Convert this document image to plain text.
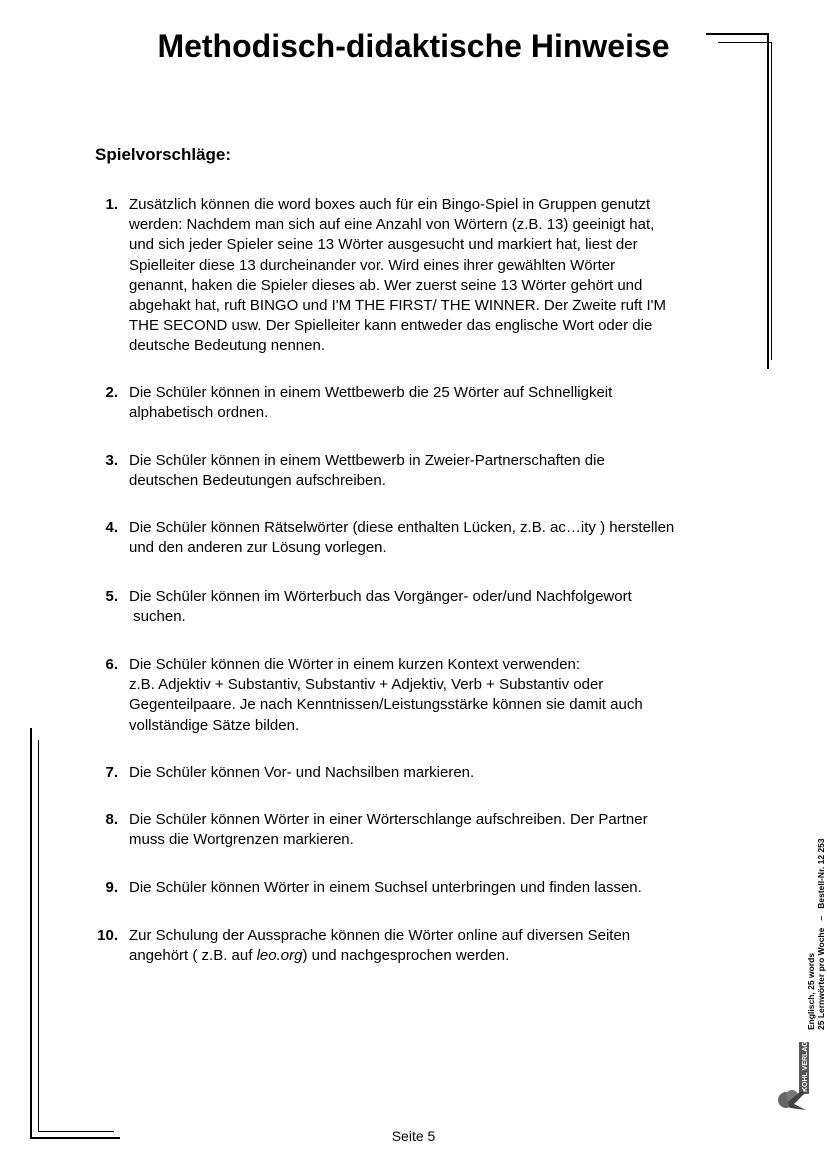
Methodisch-didaktische Hinweise
Spielvorschläge:
1. Zusätzlich können die word boxes auch für ein Bingo-Spiel in Gruppen genutzt
werden: Nachdem man sich auf eine Anzahl von Wörtern (z.B. 13) geeinigt hat,
und sich jeder Spieler seine 13 Wörter ausgesucht und markiert hat, liest der
Spielleiter diese 13 durcheinander vor. Wird eines ihrer gewählten Wörter
genannt, haken die Spieler dieses ab. Wer zuerst seine 13 Wörter gehört und
abgehakt hat, ruft BINGO und I'M THE FIRST/ THE WINNER. Der Zweite ruft I'M
THE SECOND usw. Der Spielleiter kann entweder das englische Wort oder die
deutsche Bedeutung nennen.
2. Die Schüler können in einem Wettbewerb die 25 Wörter auf Schnelligkeit
alphabetisch ordnen.
3. Die Schüler können in einem Wettbewerb in Zweier-Partnerschaften die
deutschen Bedeutungen aufschreiben.
4. Die Schüler können Rätselwörter (diese enthalten Lücken, z.B. ac…ity ) herstellen
und den anderen zur Lösung vorlegen.
5. Die Schüler können im Wörterbuch das Vorgänger- oder/und Nachfolgewort
suchen.
6. Die Schüler können die Wörter in einem kurzen Kontext verwenden:
z.B. Adjektiv + Substantiv, Substantiv + Adjektiv, Verb + Substantiv oder
Gegenteilpaare. Je nach Kenntnissen/Leistungsstärke können sie damit auch
vollständige Sätze bilden.
7. Die Schüler können Vor- und Nachsilben markieren.
8. Die Schüler können Wörter in einer Wörterschlange aufschreiben. Der Partner
muss die Wortgrenzen markieren.
9. Die Schüler können Wörter in einem Suchsel unterbringen und finden lassen.
10. Zur Schulung der Aussprache können die Wörter online auf diversen Seiten
angehört ( z.B. auf leo.org) und nachgesprochen werden.	Englisch, 25 words 25 Lernwörter pro Woche   –   Bestell-Nr. 12 253
KOHL VERLAG
Seite 5
